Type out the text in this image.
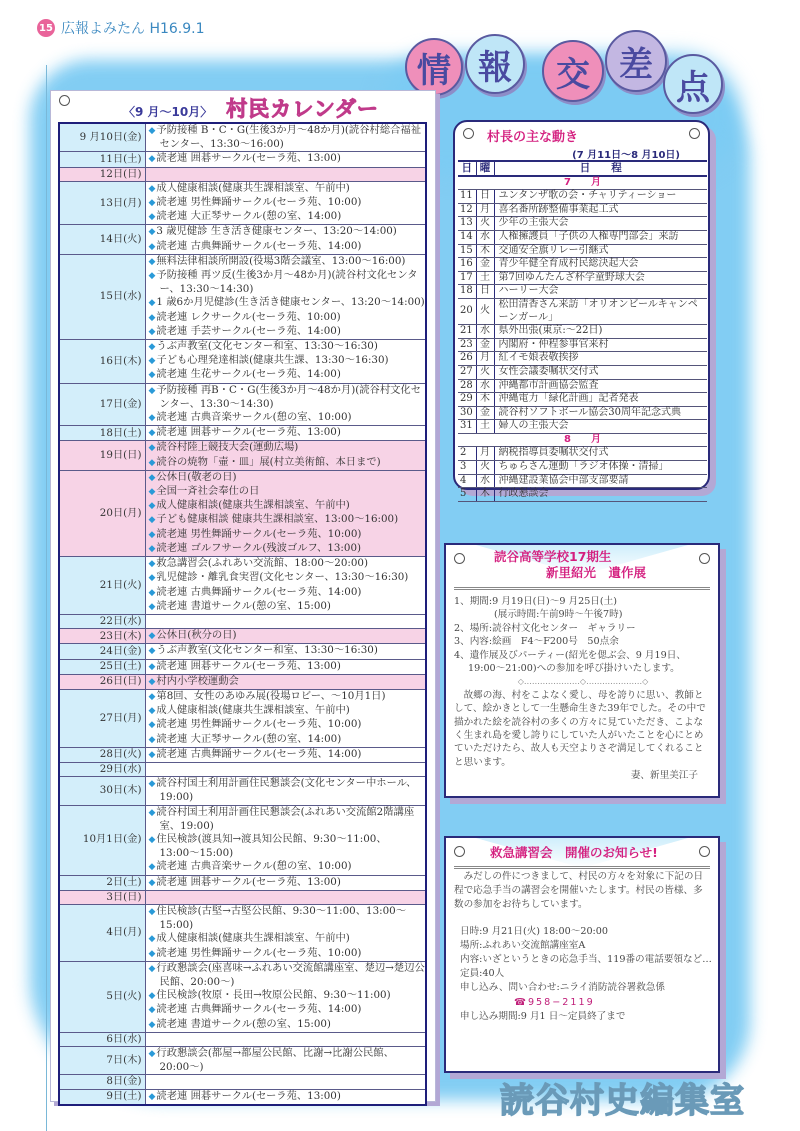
15 広報よみたん H16.9.1
情 報	交 差
点
〈9 月〜10月〉 村民カレンダー
9 月10日(金)	◆ 予防接種 B・C・G(生後3か月〜48か月)(読谷村総合福祉センター、13:30〜16:00)

11日(土)	◆ 読老連 囲碁サークル(セーラ苑、13:00)

12日(日)	
13日(月)	◆ 成人健康相談(健康共生課相談室、午前中)
◆ 読老連 男性舞踊サークル(セーラ苑、10:00)
◆ 読老連 大正琴サークル(憩の室、14:00)

14日(火)	◆ 3 歳児健診 生き活き健康センター、13:20〜14:00)
◆ 読老連 古典舞踊サークル(セーラ苑、14:00)

15日(水)	◆ 無料法律相談所開設(役場3階会議室、13:00〜16:00)
◆ 予防接種 再ツ反(生後3か月〜48か月)(読谷村文化センター、13:30〜14:30)
◆ 1 歳6か月児健診(生き活き健康センター、13:20〜14:00)
◆ 読老連 レクサークル(セーラ苑、10:00)
◆ 読老連 手芸サークル(セーラ苑、14:00)

16日(木)	◆ うぶ声教室(文化センター和室、13:30〜16:30)
◆ 子ども心理発達相談(健康共生課、13:30〜16:30)
◆ 読老連 生花サークル(セーラ苑、14:00)

17日(金)	◆ 予防接種 再B・C・G(生後3か月〜48か月)(読谷村文化センター、13:30〜14:30)
◆ 読老連 古典音楽サークル(憩の室、10:00)

18日(土)	◆ 読老連 囲碁サークル(セーラ苑、13:00)

19日(日)	◆ 読谷村陸上競技大会(運動広場)
◆ 読谷の焼物「壷・皿」展(村立美術館、本日まで)

20日(月)	
◆ 公休日(敬老の日)
◆ 全国一斉社会奉仕の日
◆ 成人健康相談(健康共生課相談室、午前中)
◆ 子ども健康相談 健康共生課相談室、13:00〜16:00)
◆ 読老連 男性舞踊サークル(セーラ苑、10:00)
◆ 読老連 ゴルフサークル(残波ゴルフ、13:00)

21日(火)	◆ 救急講習会(ふれあい交流館、18:00〜20:00)
◆ 乳児健診・離乳食実習(文化センター、13:30〜16:30)
◆ 読老連 古典舞踊サークル(セーラ苑、14:00)
◆ 読老連 書道サークル(憩の室、15:00)

22日(水)	
23日(木)	◆ 公休日(秋分の日)

24日(金)	◆ うぶ声教室(文化センター和室、13:30〜16:30)

25日(土)	◆ 読老連 囲碁サークル(セーラ苑、13:00)

26日(日)	◆ 村内小学校運動会

27日(月)	◆ 第8回、女性のあゆみ展(役場ロビー、〜10月1日)
◆ 成人健康相談(健康共生課相談室、午前中)
◆ 読老連 男性舞踊サークル(セーラ苑、10:00)
◆ 読老連 大正琴サークル(憩の室、14:00)

28日(火)	◆ 読老連 古典舞踊サークル(セーラ苑、14:00)

29日(水)	
30日(木)	◆ 読谷村国土利用計画住民懇談会(文化センター中ホール、19:00)

10月1日(金)	◆ 読谷村国土利用計画住民懇談会(ふれあい交流館2階講座室、19:00)
◆ 住民検診(渡具知→渡具知公民館、9:30〜11:00、13:00〜15:00)
◆ 読老連 古典音楽サークル(憩の室、10:00)

2日(土)	◆ 読老連 囲碁サークル(セーラ苑、13:00)

3日(日)	
4日(月)	◆ 住民検診(古堅→古堅公民館、9:30〜11:00、13:00〜15:00)
◆ 成人健康相談(健康共生課相談室、午前中)
◆ 読老連 男性舞踊サークル(セーラ苑、10:00)

5日(火)	◆ 行政懇談会(座喜味→ふれあい交流館講座室、楚辺→楚辺公民館、20:00〜)
◆ 住民検診(牧原・長田→牧原公民館、9:30〜11:00)
◆ 読老連 古典舞踊サークル(セーラ苑、14:00)
◆ 読老連 書道サークル(憩の室、15:00)

6日(水)	
7日(木)	◆ 行政懇談会(都屋→都屋公民館、比謝→比謝公民館、20:00〜)

8日(金)	
9日(土)	◆ 読老連 囲碁サークル(セーラ苑、13:00)
村長の主な動き
(7 月11日〜8 月10日)
日	曜	日　　程
7　　月		
11	日	ユンタンザ歌の会・チャリティーショー
12	月	喜名番所跡整備事業起工式
13	火	少年の主張大会
14	水	人権擁護員「子供の人権専門部会」来訪
15	木	交通安全旗リレー引継式
16	金	青少年健全育成村民総決起大会
17	土	第7回ゆんたんざ杯学童野球大会
18	日	ハーリー大会
20	火	松田清香さん来訪「オリオンビールキャンペーンガール」
21	水	県外出張(東京:〜22日)
23	金	内閣府・仲程参事官来村
26	月	紅イモ娘表敬挨拶
27	火	女性会議委嘱状交付式
28	水	沖縄都市計画協会監査
29	木	沖縄電力「緑化計画」記者発表
30	金	読谷村ソフトボール協会30周年記念式典
31	土	婦人の主張大会
8　　月		
2	月	納税指導員委嘱状交付式
3	火	ちゅらさん運動「ラジオ体操・清掃」
4	水	沖縄建設業協会中部支部要請
5	木	行政懇談会
読谷高等学校17期生
新里紹光　遺作展
1、期間:9 月19日(日)〜9 月25日(土)
(展示時間:午前9時〜午後7時)
2、場所:読谷村文化センター　ギャラリー
3、内容:絵画　F4〜F200号　50点余
4、遺作展及びパーティー(紹光を偲ぶ会、9 月19日、19:00〜21:00)への参加を呼び掛けいたします。
◇…………………◇…………………◇
故郷の海、村をこよなく愛し、母を誇りに思い、教師として、絵かきとして一生懸命生きた39年でした。その中で描かれた絵を読谷村の多くの方々に見ていただき、こよなく生まれ島を愛し誇りにしていた人がいたことを心にとめていただけたら、故人も天空よりさぞ満足してくれることと思います。
妻、新里美江子
救急講習会　開催のお知らせ!
みだしの件につきまして、村民の方々を対象に下記の日程で応急手当の講習会を開催いたします。村民の皆様、多数の参加をお待ちしています。
日時:9 月21日(火) 18:00〜20:00
場所:ふれあい交流館講座室A
内容:いざというときの応急手当、119番の電話要領など…
定員:40人
申し込み、問い合わせ:ニライ消防読谷署救急係
☎958−2119
申し込み期間:9 月1 日〜定員終了まで
読谷村史編集室
